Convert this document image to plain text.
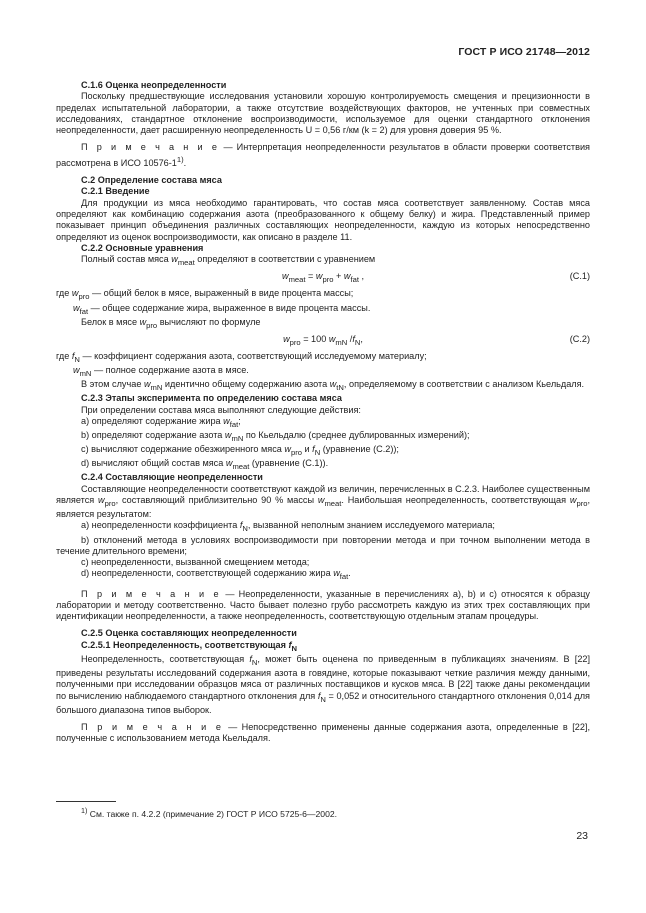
ГОСТ Р ИСО 21748—2012

С.1.6 Оценка неопределенности

Поскольку предшествующие исследования установили хорошую контролируемость смещения и прецизионности в пределах испытательной лаборатории, а также отсутствие воздействующих факторов, не учтенных при совместных исследованиях, стандартное отклонение воспроизводимости, используемое для оценки стандартного отклонения неопределенности, дает расширенную неопределенность U = 0,56 г/км (k = 2) для уровня доверия 95 %.

П р и м е ч а н и е — Интерпретация неопределенности результатов в области проверки соответствия рассмотрена в ИСО 10576-1$^{1)}$.

С.2 Определение состава мяса

С.2.1 Введение

Для продукции из мяса необходимо гарантировать, что состав мяса соответствует заявленному. Состав мяса определяют как комбинацию содержания азота (преобразованного к общему белку) и жира. Представленный пример показывает принцип объединения различных составляющих неопределенности, каждую из которых непосредственно определяют из оценок воспроизводимости, как описано в разделе 11.

С.2.2 Основные уравнения

Полный состав мяса $w_{meat}$ определяют в соответствии с уравнением

$w_{meat} = w_{pro} + w_{fat}$ ,	(С.1)

где $w_{pro}$ — общий белок в мясе, выраженный в виде процента массы;

$w_{fat}$ — общее содержание жира, выраженное в виде процента массы.

Белок в мясе $w_{pro}$ вычисляют по формуле

$w_{pro} = 100$ $w_{mN}$ $/f_N$,	(С.2)

где $f_N$ — коэффициент содержания азота, соответствующий исследуемому материалу;

$w_{mN}$ — полное содержание азота в мясе.

В этом случае $w_{mN}$ идентично общему содержанию азота $w_{tN}$, определяемому в соответствии с анализом Кьельдаля.

С.2.3 Этапы эксперимента по определению состава мяса

При определении состава мяса выполняют следующие действия:

a) определяют содержание жира $w_{fat}$;

b) определяют содержание азота $w_{mN}$ по Кьельдалю (среднее дублированных измерений);

c) вычисляют содержание обезжиренного мяса $w_{pro}$ и $f_N$ (уравнение (С.2));

d) вычисляют общий состав мяса $w_{meat}$ (уравнение (С.1)).

С.2.4 Составляющие неопределенности

Составляющие неопределенности соответствуют каждой из величин, перечисленных в С.2.3. Наиболее существенным является $w_{pro}$, составляющий приблизительно 90 % массы $w_{meat}$. Наибольшая неопределенность, соответствующая $w_{pro}$, является результатом:

a) неопределенности коэффициента $f_N$, вызванной неполным знанием исследуемого материала;

b) отклонений метода в условиях воспроизводимости при повторении метода и при точном выполнении метода в течение длительного времени;

c) неопределенности, вызванной смещением метода;

d) неопределенности, соответствующей содержанию жира $w_{fat}$.

П р и м е ч а н и е — Неопределенности, указанные в перечислениях а), b) и с) относятся к образцу лаборатории и методу соответственно. Часто бывает полезно грубо рассмотреть каждую из этих трех составляющих при идентификации неопределенности, а также неопределенность, соответствующую отдельным этапам процедуры.

С.2.5 Оценка составляющих неопределенности

С.2.5.1 Неопределенность, соответствующая $f_N$

Неопределенность, соответствующая $f_N$, может быть оценена по приведенным в публикациях значениям. В [22] приведены результаты исследований содержания азота в говядине, которые показывают четкие различия между данными, полученными при исследовании образцов мяса от различных поставщиков и кусков мяса. В [22] также даны рекомендации по вычислению наблюдаемого стандартного отклонения для $f_N = 0,052$ и относительного стандартного отклонения 0,014 для большого диапазона типов выборок.

П р и м е ч а н и е — Непосредственно применены данные содержания азота, определенные в [22], полученные с использованием метода Кьельдаля.

$^{1)}$ См. также п. 4.2.2 (примечание 2) ГОСТ Р ИСО 5725-6—2002.
23
